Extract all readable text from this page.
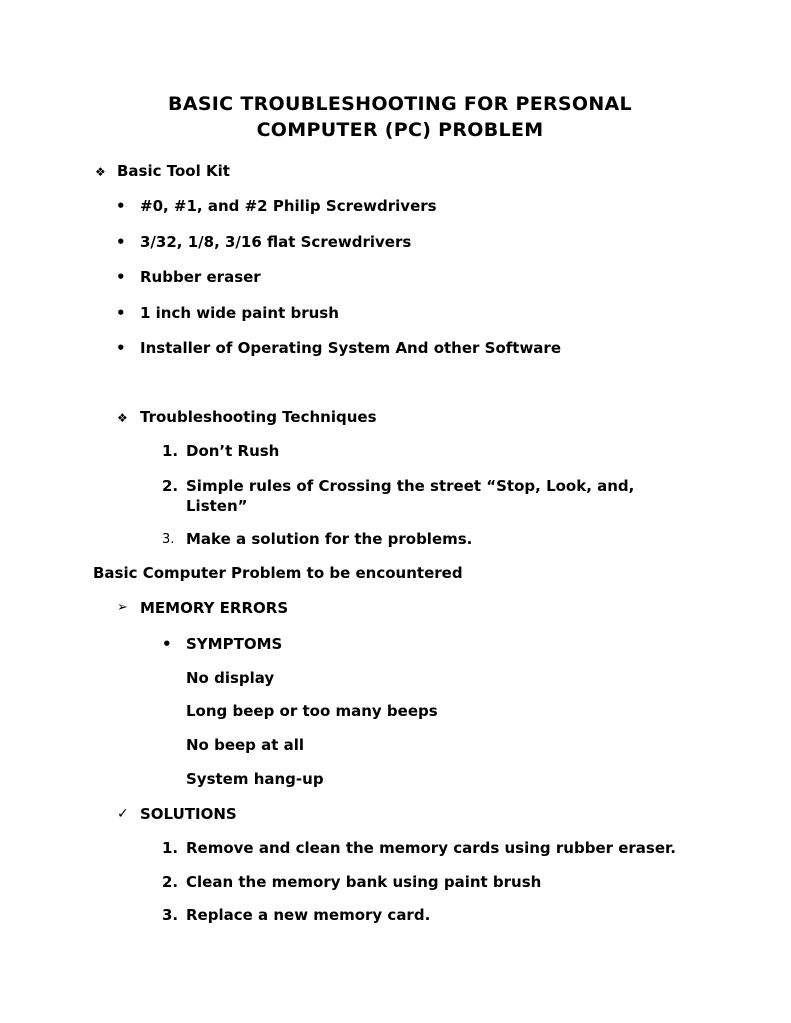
BASIC TROUBLESHOOTING FOR PERSONAL
COMPUTER (PC) PROBLEM
❖ Basic Tool Kit
• #0, #1, and #2 Philip Screwdrivers
• 3/32, 1/8, 3/16 flat Screwdrivers
• Rubber eraser
• 1 inch wide paint brush
• Installer of Operating System And other Software
❖ Troubleshooting Techniques
1. Don’t Rush
2. Simple rules of Crossing the street “Stop, Look, and,
Listen”
3. Make a solution for the problems.
Basic Computer Problem to be encountered
➢ MEMORY ERRORS
• SYMPTOMS
No display
Long beep or too many beeps
No beep at all
System hang-up
✓ SOLUTIONS
1. Remove and clean the memory cards using rubber eraser.
2. Clean the memory bank using paint brush
3. Replace a new memory card.
